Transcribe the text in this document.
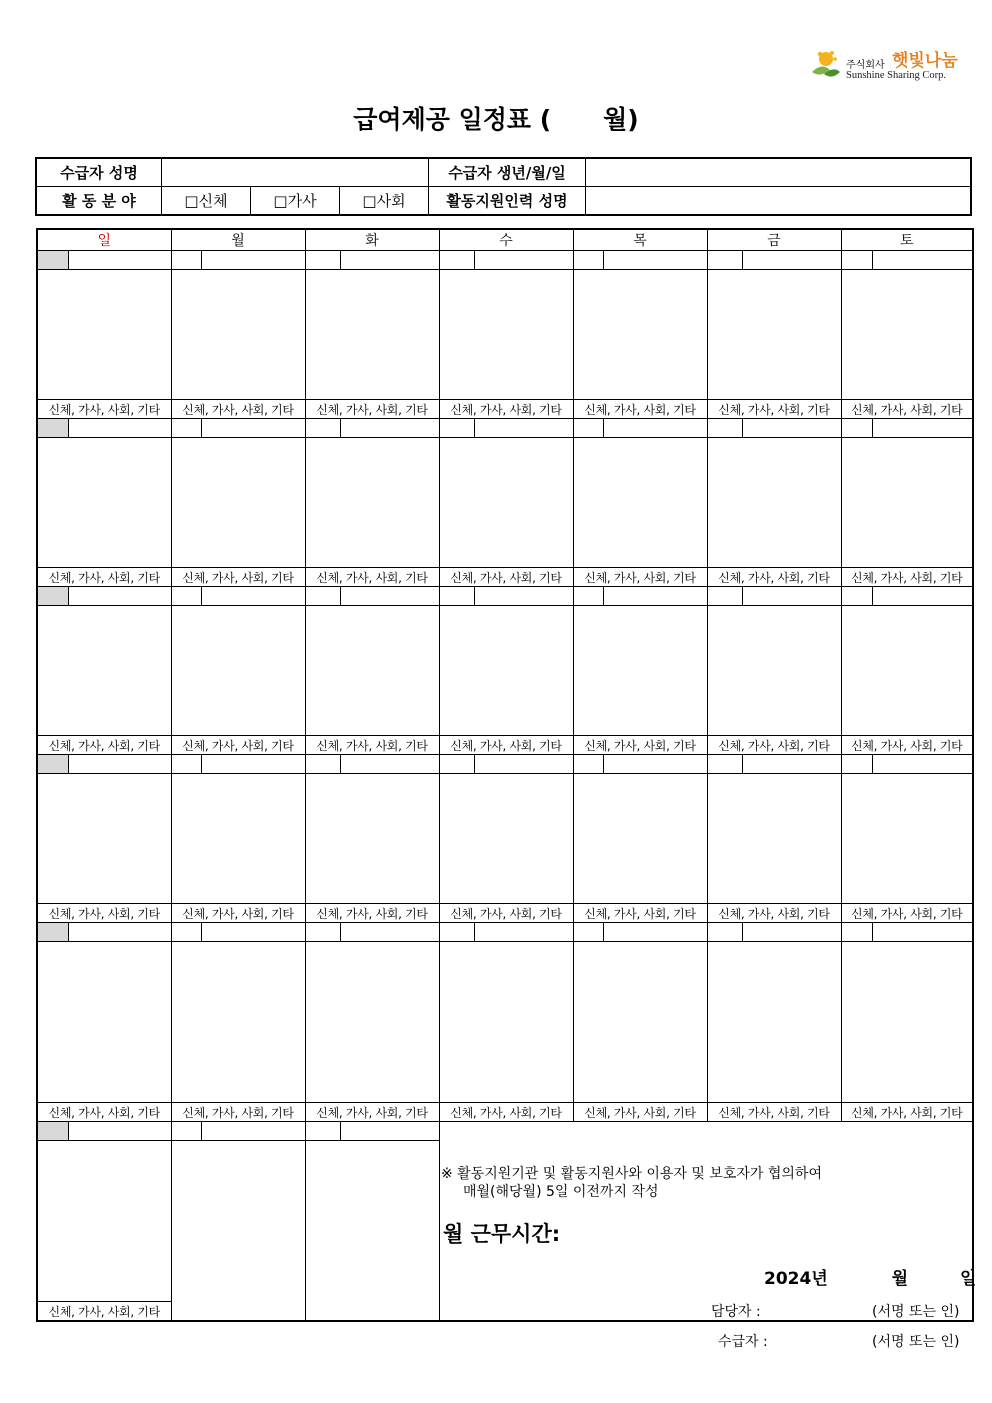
주식회사 햇빛나눔
Sunshine Sharing Corp.
급여제공 일정표 ( 월)
수급자 성명				수급자 생년/월/일	
활 동 분 야	□신체	□가사	□사회	활동지원인력 성명	
일		월		화		수		목		금		토	

신체, 가사, 사회, 기타		신체, 가사, 사회, 기타		신체, 가사, 사회, 기타		신체, 가사, 사회, 기타		신체, 가사, 사회, 기타		신체, 가사, 사회, 기타		신체, 가사, 사회, 기타	

신체, 가사, 사회, 기타		신체, 가사, 사회, 기타		신체, 가사, 사회, 기타		신체, 가사, 사회, 기타		신체, 가사, 사회, 기타		신체, 가사, 사회, 기타		신체, 가사, 사회, 기타	

신체, 가사, 사회, 기타		신체, 가사, 사회, 기타		신체, 가사, 사회, 기타		신체, 가사, 사회, 기타		신체, 가사, 사회, 기타		신체, 가사, 사회, 기타		신체, 가사, 사회, 기타	

신체, 가사, 사회, 기타		신체, 가사, 사회, 기타		신체, 가사, 사회, 기타		신체, 가사, 사회, 기타		신체, 가사, 사회, 기타		신체, 가사, 사회, 기타		신체, 가사, 사회, 기타	

신체, 가사, 사회, 기타		신체, 가사, 사회, 기타		신체, 가사, 사회, 기타		신체, 가사, 사회, 기타		신체, 가사, 사회, 기타		신체, 가사, 사회, 기타		신체, 가사, 사회, 기타	

신체, 가사, 사회, 기타													
※ 활동지원기관 및 활동지원사와 이용자 및 보호자가 협의하여
매월(해당월) 5일 이전까지 작성
월 근무시간:
2024년	월	일
담당자 :	(서명 또는 인)
수급자 :	(서명 또는 인)
